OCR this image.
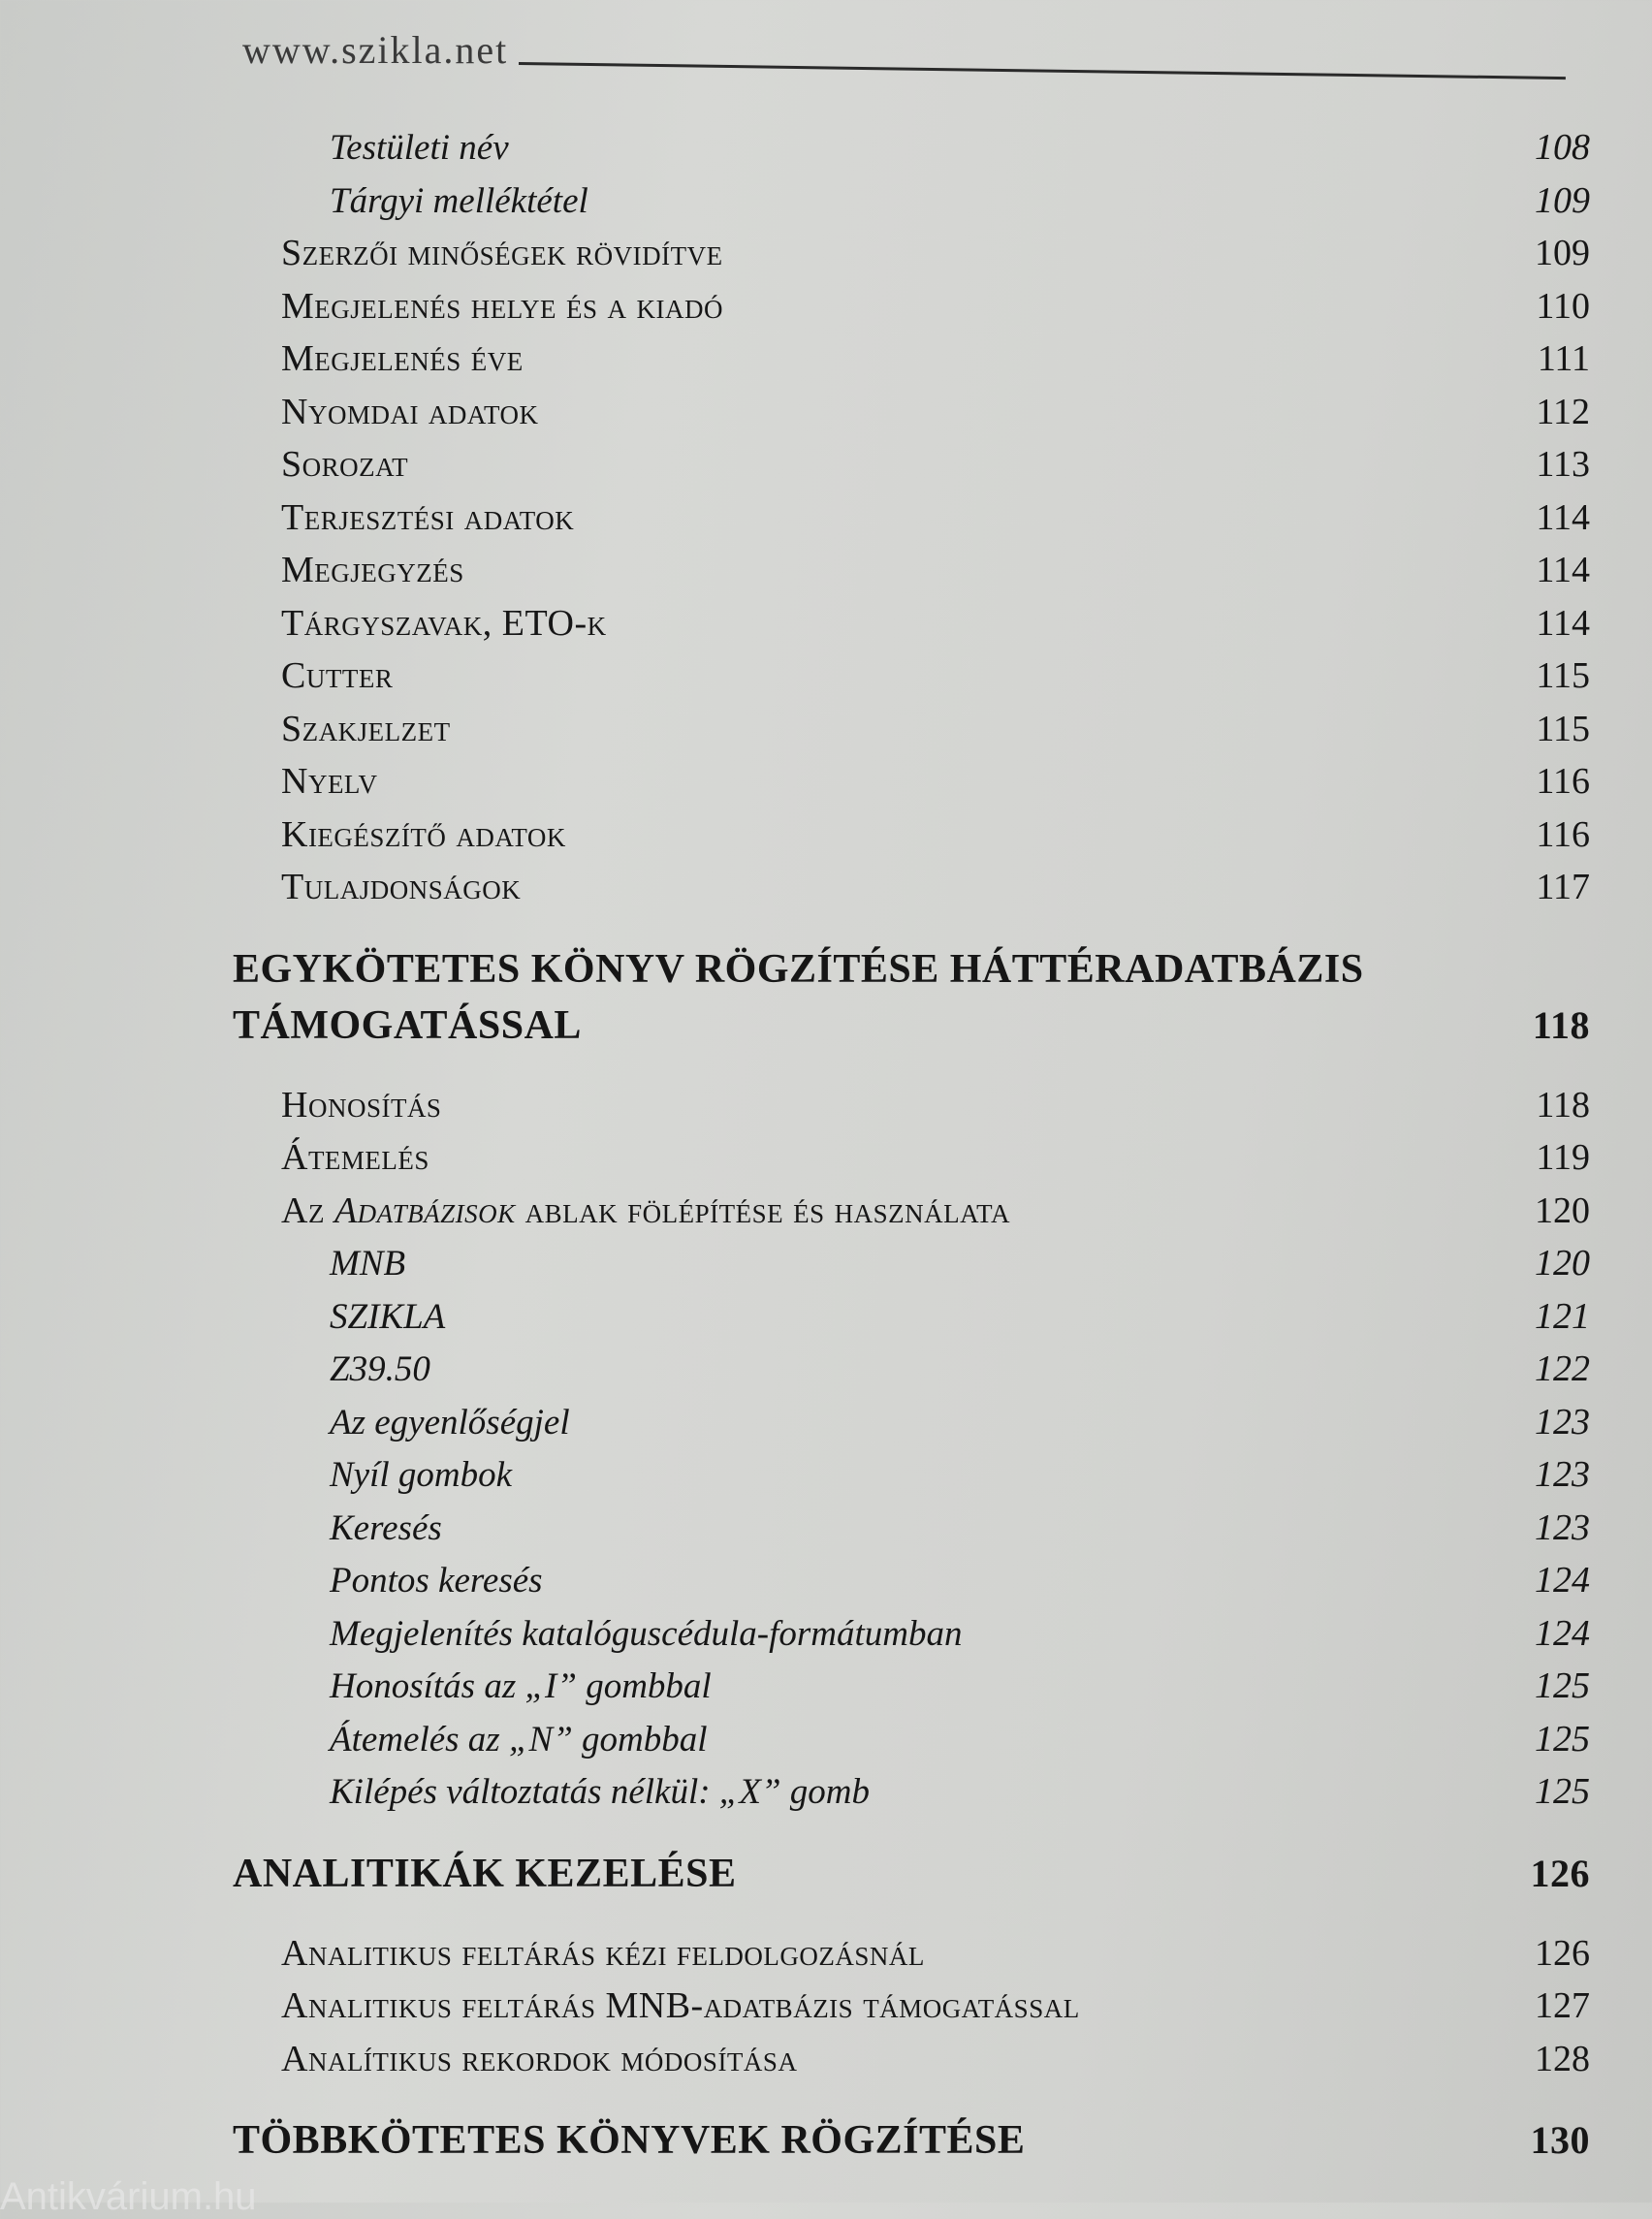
www.szikla.net
Testületi név	108
Tárgyi melléktétel	109
Szerzői minőségek rövidítve	109
Megjelenés helye és a kiadó	110
Megjelenés éve	111
Nyomdai adatok	112
Sorozat	113
Terjesztési adatok	114
Megjegyzés	114
Tárgyszavak, ETO-k	114
Cutter	115
Szakjelzet	115
Nyelv	116
Kiegészítő adatok	116
Tulajdonságok	117
EGYKÖTETES KÖNYV RÖGZÍTÉSE HÁTTÉRADATBÁZIS TÁMOGATÁSSAL	118
Honosítás	118
Átemelés	119
Az Adatbázisok ablak fölépítése és használata	120
MNB	120
SZIKLA	121
Z39.50	122
Az egyenlőségjel	123
Nyíl gombok	123
Keresés	123
Pontos keresés	124
Megjelenítés katalóguscédula-formátumban	124
Honosítás az „I” gombbal	125
Átemelés az „N” gombbal	125
Kilépés változtatás nélkül: „X” gomb	125
ANALITIKÁK KEZELÉSE	126
Analitikus feltárás kézi feldolgozásnál	126
Analitikus feltárás MNB-adatbázis támogatással	127
Analítikus rekordok módosítása	128
TÖBBKÖTETES KÖNYVEK RÖGZÍTÉSE	130
Antikvárium.hu
